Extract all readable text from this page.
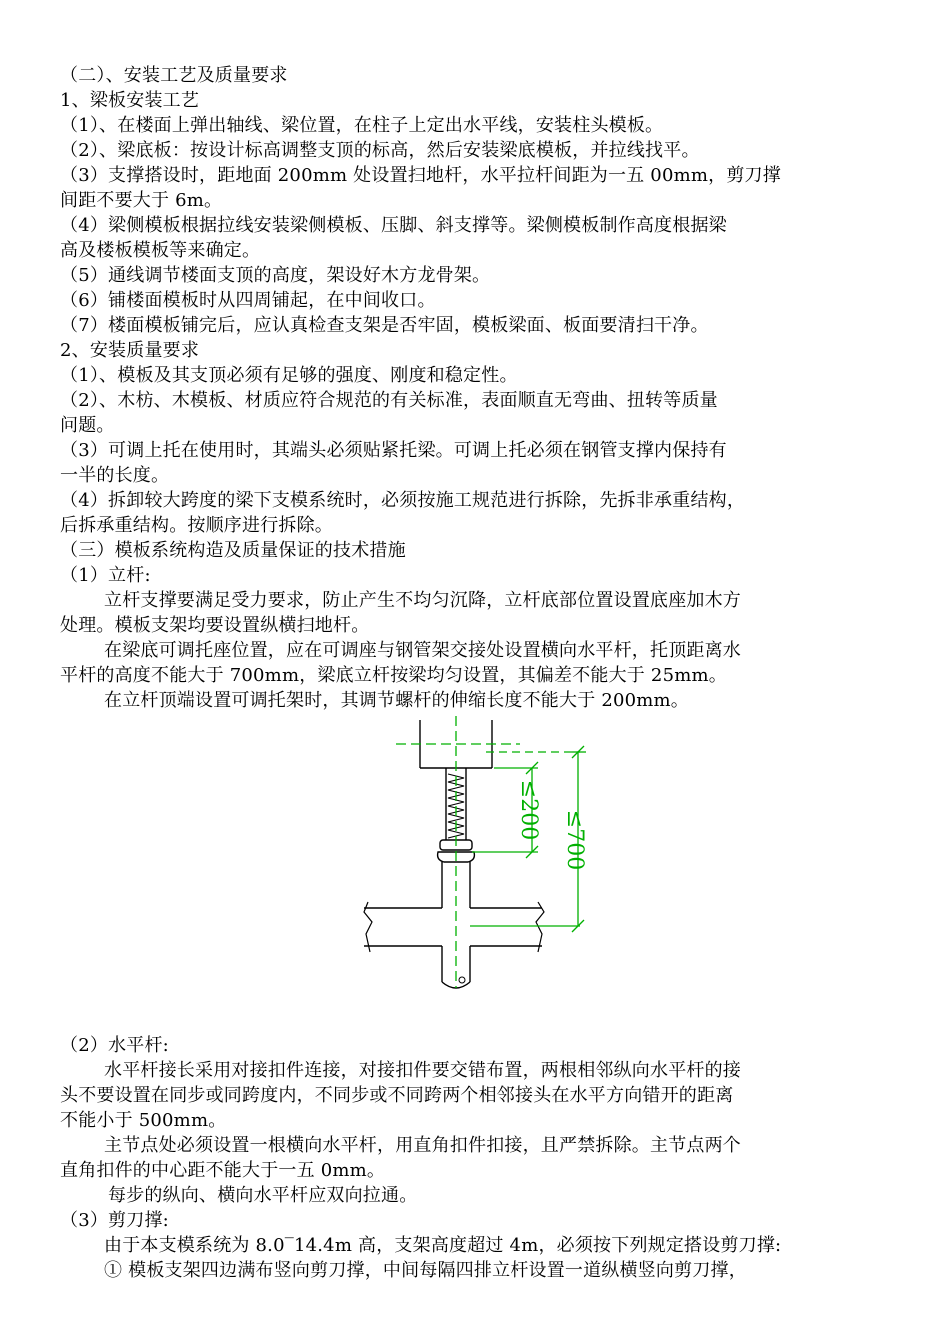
（二）、安装工艺及质量要求
1、梁板安装工艺
（1）、在楼面上弹出轴线、梁位置，在柱子上定出水平线，安装柱头模板。
（2）、梁底板：按设计标高调整支顶的标高，然后安装梁底模板，并拉线找平。
（3）支撑搭设时，距地面 200mm 处设置扫地杆，水平拉杆间距为一五 00mm，剪刀撑
间距不要大于 6m。
（4）梁侧模板根据拉线安装梁侧模板、压脚、斜支撑等。梁侧模板制作高度根据梁
高及楼板模板等来确定。
（5）通线调节楼面支顶的高度，架设好木方龙骨架。
（6）铺楼面模板时从四周铺起，在中间收口。
（7）楼面模板铺完后，应认真检查支架是否牢固，模板梁面、板面要清扫干净。
2、安装质量要求
（1）、模板及其支顶必须有足够的强度、刚度和稳定性。
（2）、木枋、木模板、材质应符合规范的有关标准，表面顺直无弯曲、扭转等质量
问题。
（3）可调上托在使用时，其端头必须贴紧托梁。可调上托必须在钢管支撑内保持有
一半的长度。
（4）拆卸较大跨度的梁下支模系统时，必须按施工规范进行拆除，先拆非承重结构，
后拆承重结构。按顺序进行拆除。
（三）模板系统构造及质量保证的技术措施
（1）立杆:
立杆支撑要满足受力要求，防止产生不均匀沉降，立杆底部位置设置底座加木方
处理。模板支架均要设置纵横扫地杆。
在梁底可调托座位置，应在可调座与钢管架交接处设置横向水平杆，托顶距离水
平杆的高度不能大于 700mm，梁底立杆按梁均匀设置，其偏差不能大于 25mm。
在立杆顶端设置可调托架时，其调节螺杆的伸缩长度不能大于 200mm。
≤200 ≤700
（2）水平杆:
水平杆接长采用对接扣件连接，对接扣件要交错布置，两根相邻纵向水平杆的接
头不要设置在同步或同跨度内，不同步或不同跨两个相邻接头在水平方向错开的距离
不能小于 500mm。
主节点处必须设置一根横向水平杆，用直角扣件扣接，且严禁拆除。主节点两个
直角扣件的中心距不能大于一五 0mm。
每步的纵向、横向水平杆应双向拉通。
（3）剪刀撑:
由于本支模系统为 8.0‾14.4m 高，支架高度超过 4m，必须按下列规定搭设剪刀撑:
① 模板支架四边满布竖向剪刀撑，中间每隔四排立杆设置一道纵横竖向剪刀撑，
